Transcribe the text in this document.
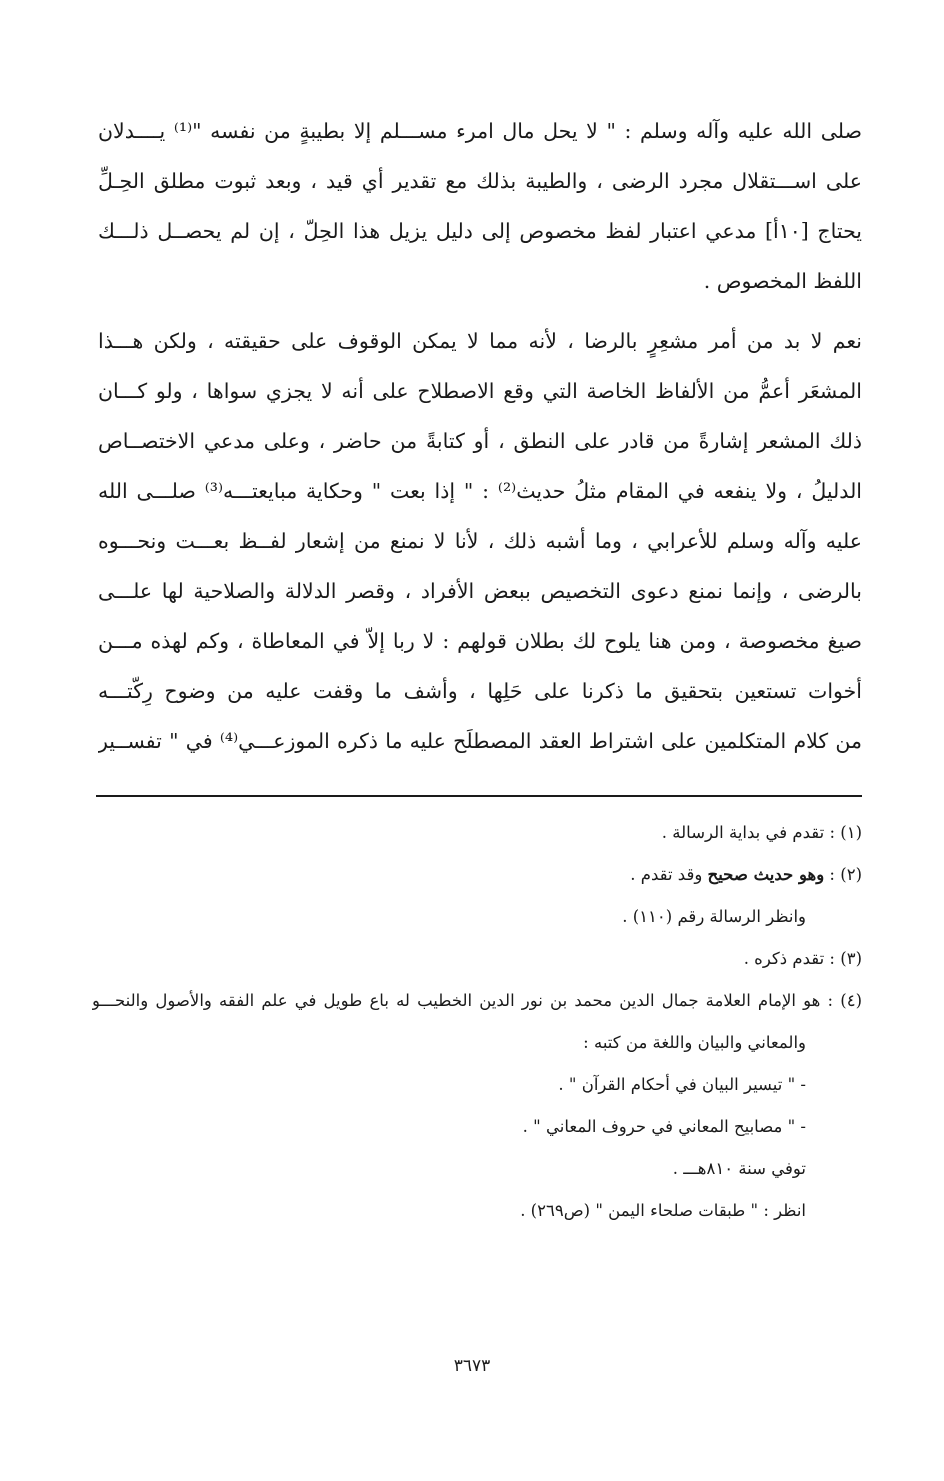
صلى الله عليه وآله وسلم : " لا يحل مال امرء مســـلم إلا بطيبةٍ من نفسه "⁽¹⁾ يــــدلان
على اســـتقلال مجرد الرضى ، والطيبة بذلك مع تقدير أي قيد ، وبعد ثبوت مطلق الحِـلِّ
يحتاج [١٠أ] مدعي اعتبار لفظ مخصوص إلى دليل يزيل هذا الحِلّ ، إن لم يحصــل ذلـــك
اللفظ المخصوص .
نعم لا بد من أمر مشعِرٍ بالرضا ، لأنه مما لا يمكن الوقوف على حقيقته ، ولكن هـــذا
المشعَر أعمُّ من الألفاظ الخاصة التي وقع الاصطلاح على أنه لا يجزي سواها ، ولو كـــان
ذلك المشعر إشارةً من قادر على النطق ، أو كتابةً من حاضر ، وعلى مدعي الاختصــاص
الدليلُ ، ولا ينفعه في المقام مثلُ حديث⁽²⁾ : " إذا بعت " وحكاية مبايعتـــه⁽³⁾ صلـــى الله
عليه وآله وسلم للأعرابي ، وما أشبه ذلك ، لأنا لا نمنع من إشعار لفــظ بعـــت ونحـــوه
بالرضى ، وإنما نمنع دعوى التخصيص ببعض الأفراد ، وقصر الدلالة والصلاحية لها علـــى
صيغ مخصوصة ، ومن هنا يلوح لك بطلان قولهم : لا ربا إلاّ في المعاطاة ، وكم لهذه مـــن
أخوات تستعين بتحقيق ما ذكرنا على حَلِها ، وأشف ما وقفت عليه من وضوح رِكّتـــه
من كلام المتكلمين على اشتراط العقد المصطلَح عليه ما ذكره الموزعـــي⁽⁴⁾ في " تفســير
(١) : تقدم في بداية الرسالة .
(٢) : وهو حديث صحيح وقد تقدم .
وانظر الرسالة رقم (١١٠) .
(٣) : تقدم ذكره .
(٤) : هو الإمام العلامة جمال الدين محمد بن نور الدين الخطيب له باع طويل في علم الفقه والأصول والنحـــو
والمعاني والبيان واللغة من كتبه :
- " تيسير البيان في أحكام القرآن " .
- " مصابيح المعاني في حروف المعاني " .
توفي سنة ٨١٠هـــ .
انظر : " طبقات صلحاء اليمن " (ص٢٦٩) .
٣٦٧٣
